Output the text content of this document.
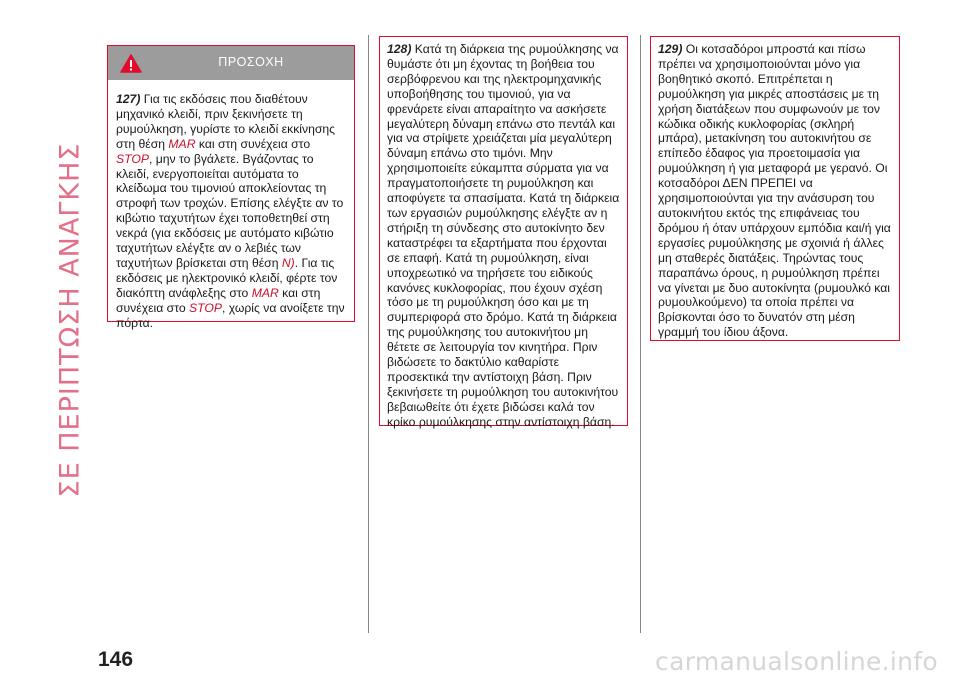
ΣΕ ΠΕΡΙΠΤΩΣΗ ΑΝΑΓΚΗΣ
ΠΡΟΣΟΧΗ

127) Για τις εκδόσεις που διαθέτουν μηχανικό κλειδί, πριν ξεκινήσετε τη ρυμούλκηση, γυρίστε το κλειδί εκκίνησης στη θέση MAR και στη συνέχεια στο STOP, μην το βγάλετε. Βγάζοντας το κλειδί, ενεργοποιείται αυτόματα το κλείδωμα του τιμονιού αποκλείοντας τη στροφή των τροχών. Επίσης ελέγξτε αν το κιβώτιο ταχυτήτων έχει τοποθετηθεί στη νεκρά (για εκδόσεις με αυτόματο κιβώτιο ταχυτήτων ελέγξτε αν ο λεβιές των ταχυτήτων βρίσκεται στη θέση N). Για τις εκδόσεις με ηλεκτρονικό κλειδί, φέρτε τον διακόπτη ανάφλεξης στο MAR και στη συνέχεια στο STOP, χωρίς να ανοίξετε την πόρτα.

128) Κατά τη διάρκεια της ρυμούλκησης να θυμάστε ότι μη έχοντας τη βοήθεια του σερβόφρενου και της ηλεκτρομηχανικής υποβοήθησης του τιμονιού, για να φρενάρετε είναι απαραίτητο να ασκήσετε μεγαλύτερη δύναμη επάνω στο πεντάλ και για να στρίψετε χρειάζεται μία μεγαλύτερη δύναμη επάνω στο τιμόνι. Μην χρησιμοποιείτε εύκαμπτα σύρματα για να πραγματοποιήσετε τη ρυμούλκηση και αποφύγετε τα σπασίματα. Κατά τη διάρκεια των εργασιών ρυμούλκησης ελέγξτε αν η στήριξη τη σύνδεσης στο αυτοκίνητο δεν καταστρέφει τα εξαρτήματα που έρχονται σε επαφή. Κατά τη ρυμούλκηση, είναι υποχρεωτικό να τηρήσετε του ειδικούς κανόνες κυκλοφορίας, που έχουν σχέση τόσο με τη ρυμούλκηση όσο και με τη συμπεριφορά στο δρόμο. Κατά τη διάρκεια της ρυμούλκησης του αυτοκινήτου μη θέτετε σε λειτουργία τον κινητήρα. Πριν βιδώσετε το δακτύλιο καθαρίστε προσεκτικά την αντίστοιχη βάση. Πριν ξεκινήσετε τη ρυμούλκηση του αυτοκινήτου βεβαιωθείτε ότι έχετε βιδώσει καλά τον κρίκο ρυμούλκησης στην αντίστοιχη βάση.

129) Οι κοτσαδόροι μπροστά και πίσω πρέπει να χρησιμοποιούνται μόνο για βοηθητικό σκοπό. Επιτρέπεται η ρυμούλκηση για μικρές αποστάσεις με τη χρήση διατάξεων που συμφωνούν με τον κώδικα οδικής κυκλοφορίας (σκληρή μπάρα), μετακίνηση του αυτοκινήτου σε επίπεδο έδαφος για προετοιμασία για ρυμούλκηση ή για μεταφορά με γερανό. Οι κοτσαδόροι ΔΕΝ ΠΡΕΠΕΙ να χρησιμοποιούνται για την ανάσυρση του αυτοκινήτου εκτός της επιφάνειας του δρόμου ή όταν υπάρχουν εμπόδια και/ή για εργασίες ρυμούλκησης με σχοινιά ή άλλες μη σταθερές διατάξεις. Τηρώντας τους παραπάνω όρους, η ρυμούλκηση πρέπει να γίνεται με δυο αυτοκίνητα (ρυμουλκό και ρυμουλκούμενο) τα οποία πρέπει να βρίσκονται όσο το δυνατόν στη μέση γραμμή του ίδιου άξονα.

146	carmanualsonline.info
